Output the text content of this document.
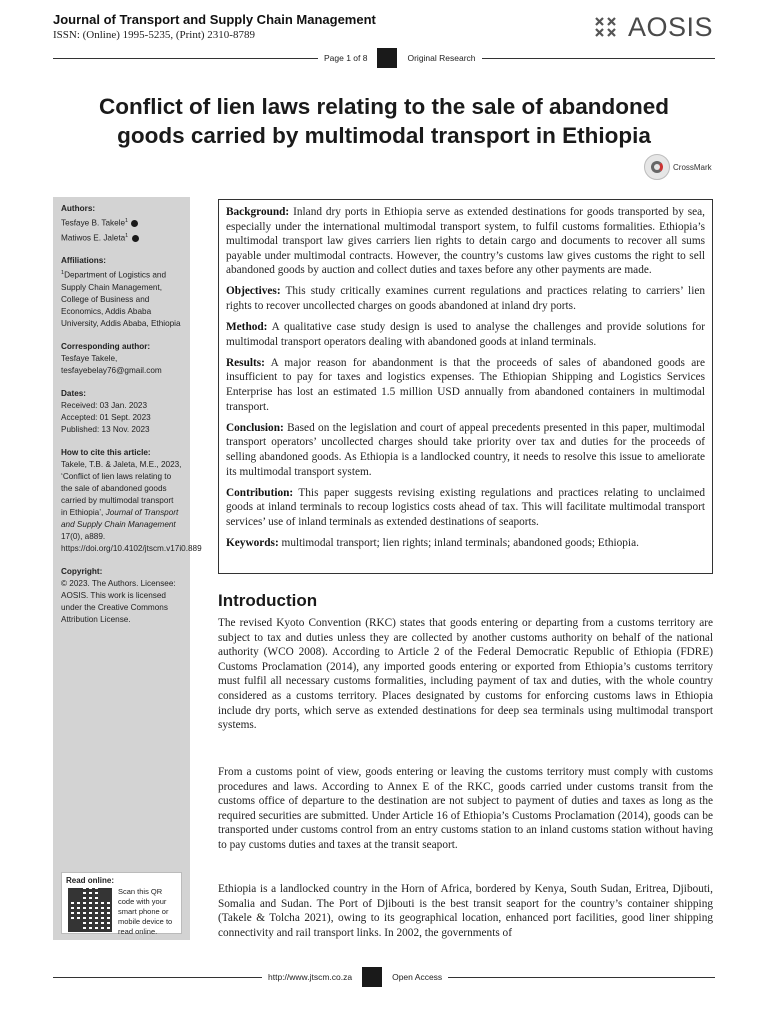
Journal of Transport and Supply Chain Management
ISSN: (Online) 1995-5235, (Print) 2310-8789	AOSIS
Page 1 of 8	Original Research
Conflict of lien laws relating to the sale of abandoned
goods carried by multimodal transport in Ethiopia
CrossMark
Authors:
Tesfaye B. Takele$^1$
Matiwos E. Jaleta$^1$
Affiliations:
$^1$Department of Logistics and Supply Chain Management, College of Business and Economics, Addis Ababa University, Addis Ababa, Ethiopia
Corresponding author:
Tesfaye Takele,
tesfayebelay76@gmail.com
Dates:
Received: 03 Jan. 2023
Accepted: 01 Sept. 2023
Published: 13 Nov. 2023
How to cite this article:
Takele, T.B. & Jaleta, M.E., 2023, ‘Conflict of lien laws relating to the sale of abandoned goods carried by multimodal transport in Ethiopia’, Journal of Transport and Supply Chain Management 17(0), a889. https://doi.org/10.4102/jtscm.v17i0.889
Copyright:
© 2023. The Authors. Licensee: AOSIS. This work is licensed under the Creative Commons Attribution License.
Read online:
Scan this QR code with your smart phone or mobile device to read online.

Background: Inland dry ports in Ethiopia serve as extended destinations for goods transported by sea, especially under the international multimodal transport system, to fulfil customs formalities. Ethiopia’s multimodal transport law gives carriers lien rights to detain cargo and documents to recover all sums payable under multimodal contracts. However, the country’s customs law gives customs the right to sell abandoned goods by auction and collect duties and taxes before any other payments are made.

Objectives: This study critically examines current regulations and practices relating to carriers’ lien rights to recover uncollected charges on goods abandoned at inland dry ports.

Method: A qualitative case study design is used to analyse the challenges and provide solutions for multimodal transport operators dealing with abandoned goods at inland terminals.

Results: A major reason for abandonment is that the proceeds of sales of abandoned goods are insufficient to pay for taxes and logistics expenses. The Ethiopian Shipping and Logistics Services Enterprise has lost an estimated 1.5 million USD annually from abandoned containers in multimodal transport.

Conclusion: Based on the legislation and court of appeal precedents presented in this paper, multimodal transport operators’ uncollected charges should take priority over tax and duties for the proceeds of selling abandoned goods. As Ethiopia is a landlocked country, it needs to resolve this issue to ameliorate its multimodal transport system.

Contribution: This paper suggests revising existing regulations and practices relating to unclaimed goods at inland terminals to recoup logistics costs ahead of tax. This will facilitate multimodal transport services’ use of inland terminals as extended destinations of seaports.

Keywords: multimodal transport; lien rights; inland terminals; abandoned goods; Ethiopia.

Introduction

The revised Kyoto Convention (RKC) states that goods entering or departing from a customs territory are subject to tax and duties unless they are collected by another customs authority on behalf of the national authority (WCO 2008). According to Article 2 of the Federal Democratic Republic of Ethiopia (FDRE) Customs Proclamation (2014), any imported goods entering or exported from Ethiopia’s customs territory must fulfil all necessary customs formalities, including payment of tax and duties, with the whole country considered as a customs territory. Places designated by customs for enforcing customs laws in Ethiopia include dry ports, which serve as extended destinations for deep sea terminals using multimodal transport systems.

From a customs point of view, goods entering or leaving the customs territory must comply with customs procedures and laws. According to Annex E of the RKC, goods carried under customs transit from the customs office of departure to the destination are not subject to payment of duties and taxes as long as the required securities are submitted. Under Article 16 of Ethiopia’s Customs Proclamation (2014), goods can be transported under customs control from an entry customs station to an inland customs station without having to pay customs duties and taxes at the transit seaport.

Ethiopia is a landlocked country in the Horn of Africa, bordered by Kenya, South Sudan, Eritrea, Djibouti, Somalia and Sudan. The Port of Djibouti is the best transit seaport for the country’s container shipping (Takele & Tolcha 2021), owing to its geographical location, enhanced port facilities, good liner shipping connectivity and rail transport links. In 2002, the governments of

http://www.jtscm.co.za	Open Access
